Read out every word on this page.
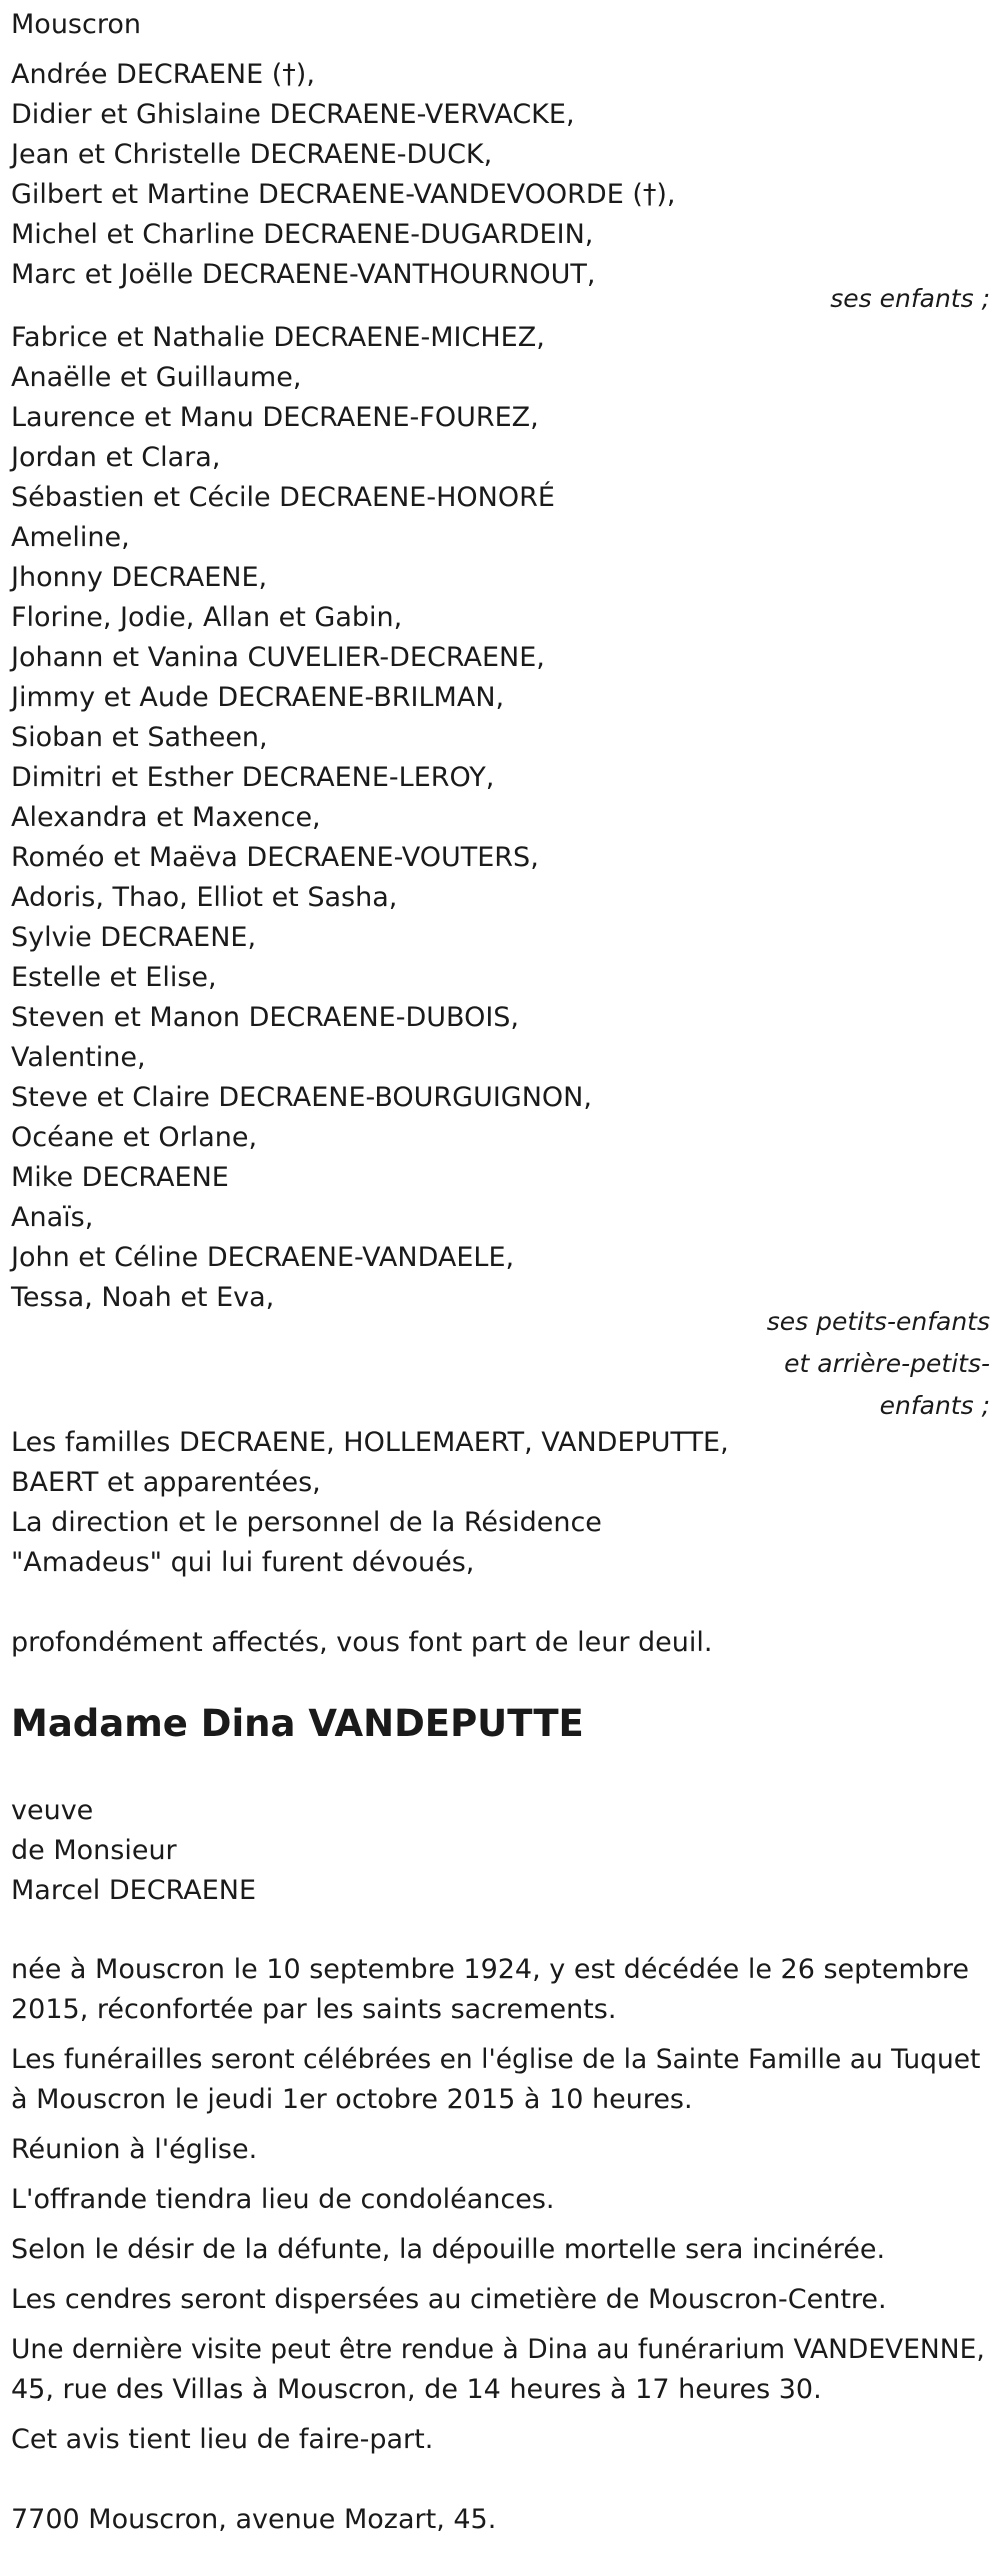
Mouscron
Andrée DECRAENE (†),
Didier et Ghislaine DECRAENE-VERVACKE,
Jean et Christelle DECRAENE-DUCK,
Gilbert et Martine DECRAENE-VANDEVOORDE (†),
Michel et Charline DECRAENE-DUGARDEIN,
Marc et Joëlle DECRAENE-VANTHOURNOUT,
ses enfants ;
Fabrice et Nathalie DECRAENE-MICHEZ,
Anaëlle et Guillaume,
Laurence et Manu DECRAENE-FOUREZ,
Jordan et Clara,
Sébastien et Cécile DECRAENE-HONORÉ
Ameline,
Jhonny DECRAENE,
Florine, Jodie, Allan et Gabin,
Johann et Vanina CUVELIER-DECRAENE,
Jimmy et Aude DECRAENE-BRILMAN,
Sioban et Satheen,
Dimitri et Esther DECRAENE-LEROY,
Alexandra et Maxence,
Roméo et Maëva DECRAENE-VOUTERS,
Adoris, Thao, Elliot et Sasha,
Sylvie DECRAENE,
Estelle et Elise,
Steven et Manon DECRAENE-DUBOIS,
Valentine,
Steve et Claire DECRAENE-BOURGUIGNON,
Océane et Orlane,
Mike DECRAENE
Anaïs,
John et Céline DECRAENE-VANDAELE,
Tessa, Noah et Eva,
ses petits-enfants
et arrière-petits-
enfants ;
Les familles DECRAENE, HOLLEMAERT, VANDEPUTTE,
BAERT et apparentées,
La direction et le personnel de la Résidence
"Amadeus" qui lui furent dévoués,
profondément affectés, vous font part de leur deuil.
Madame Dina VANDEPUTTE
veuve
de Monsieur
Marcel DECRAENE
née à Mouscron le 10 septembre 1924, y est décédée le 26 septembre
2015, réconfortée par les saints sacrements.
Les funérailles seront célébrées en l'église de la Sainte Famille au Tuquet
à Mouscron le jeudi 1er octobre 2015 à 10 heures.
Réunion à l'église.
L'offrande tiendra lieu de condoléances.
Selon le désir de la défunte, la dépouille mortelle sera incinérée.
Les cendres seront dispersées au cimetière de Mouscron-Centre.
Une dernière visite peut être rendue à Dina au funérarium VANDEVENNE,
45, rue des Villas à Mouscron, de 14 heures à 17 heures 30.
Cet avis tient lieu de faire-part.
7700 Mouscron, avenue Mozart, 45.
